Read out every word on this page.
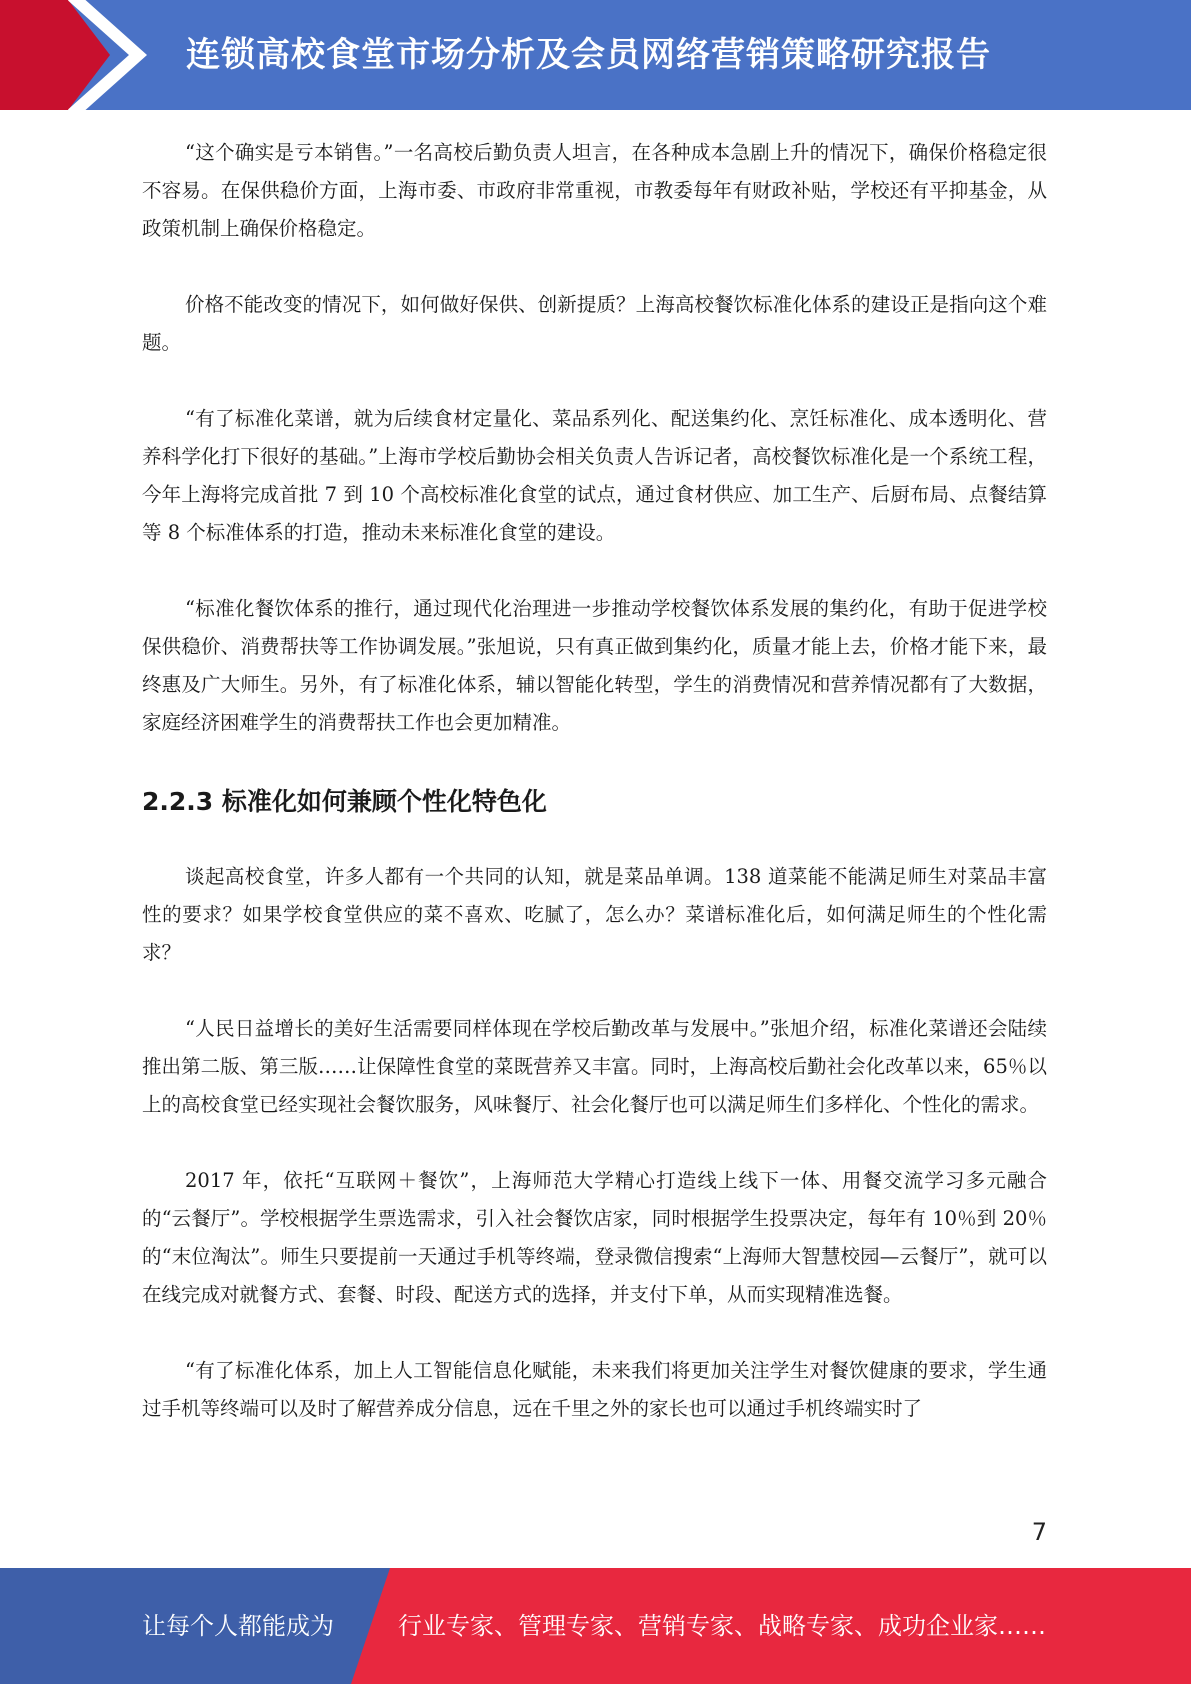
连锁高校食堂市场分析及会员网络营销策略研究报告

“这个确实是亏本销售。”一名高校后勤负责人坦言，在各种成本急剧上升的情况下，确保价格稳定很不容易。在保供稳价方面，上海市委、市政府非常重视，市教委每年有财政补贴，学校还有平抑基金，从政策机制上确保价格稳定。

价格不能改变的情况下，如何做好保供、创新提质？上海高校餐饮标准化体系的建设正是指向这个难题。

“有了标准化菜谱，就为后续食材定量化、菜品系列化、配送集约化、烹饪标准化、成本透明化、营养科学化打下很好的基础。”上海市学校后勤协会相关负责人告诉记者，高校餐饮标准化是一个系统工程，今年上海将完成首批 7 到 10 个高校标准化食堂的试点，通过食材供应、加工生产、后厨布局、点餐结算等 8 个标准体系的打造，推动未来标准化食堂的建设。

“标准化餐饮体系的推行，通过现代化治理进一步推动学校餐饮体系发展的集约化，有助于促进学校保供稳价、消费帮扶等工作协调发展。”张旭说，只有真正做到集约化，质量才能上去，价格才能下来，最终惠及广大师生。另外，有了标准化体系，辅以智能化转型，学生的消费情况和营养情况都有了大数据，家庭经济困难学生的消费帮扶工作也会更加精准。

2.2.3 标准化如何兼顾个性化特色化

谈起高校食堂，许多人都有一个共同的认知，就是菜品单调。138 道菜能不能满足师生对菜品丰富性的要求？如果学校食堂供应的菜不喜欢、吃腻了，怎么办？菜谱标准化后，如何满足师生的个性化需求？

“人民日益增长的美好生活需要同样体现在学校后勤改革与发展中。”张旭介绍，标准化菜谱还会陆续推出第二版、第三版……让保障性食堂的菜既营养又丰富。同时，上海高校后勤社会化改革以来，65％以上的高校食堂已经实现社会餐饮服务，风味餐厅、社会化餐厅也可以满足师生们多样化、个性化的需求。

2017 年，依托“互联网＋餐饮”，上海师范大学精心打造线上线下一体、用餐交流学习多元融合的“云餐厅”。学校根据学生票选需求，引入社会餐饮店家，同时根据学生投票决定，每年有 10％到 20％的“末位淘汰”。师生只要提前一天通过手机等终端，登录微信搜索“上海师大智慧校园—云餐厅”，就可以在线完成对就餐方式、套餐、时段、配送方式的选择，并支付下单，从而实现精准选餐。

“有了标准化体系，加上人工智能信息化赋能，未来我们将更加关注学生对餐饮健康的要求，学生通过手机等终端可以及时了解营养成分信息，远在千里之外的家长也可以通过手机终端实时了

7
让每个人都能成为	行业专家、管理专家、营销专家、战略专家、成功企业家……
